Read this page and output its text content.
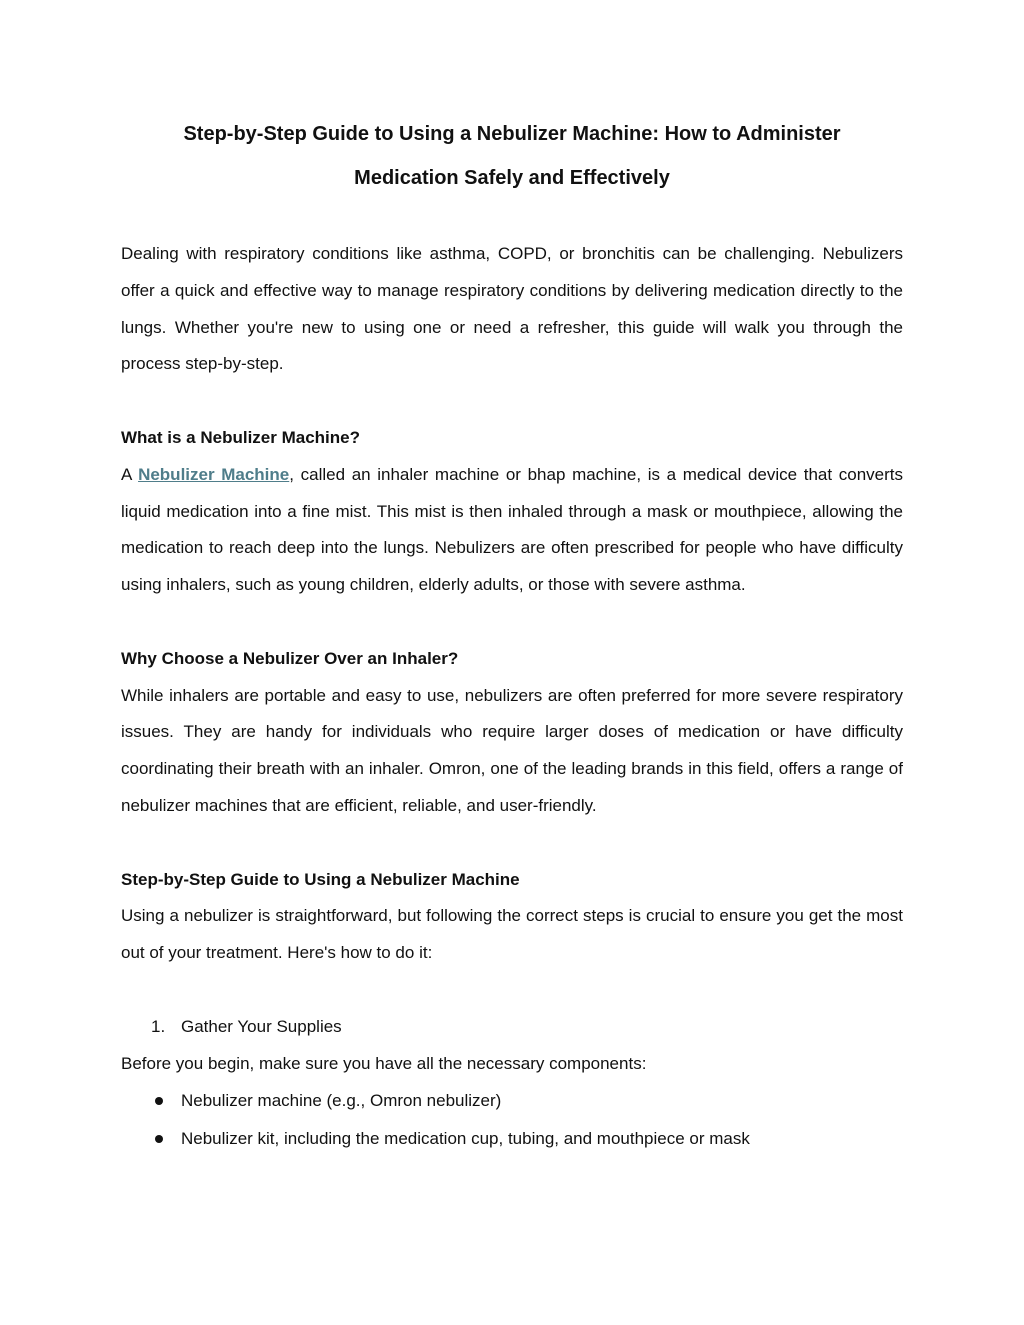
Step-by-Step Guide to Using a Nebulizer Machine: How to Administer
Medication Safely and Effectively

Dealing with respiratory conditions like asthma, COPD, or bronchitis can be challenging. Nebulizers offer a quick and effective way to manage respiratory conditions by delivering medication directly to the lungs. Whether you're new to using one or need a refresher, this guide will walk you through the process step-by-step.

What is a Nebulizer Machine?

A Nebulizer Machine, called an inhaler machine or bhap machine, is a medical device that converts liquid medication into a fine mist. This mist is then inhaled through a mask or mouthpiece, allowing the medication to reach deep into the lungs. Nebulizers are often prescribed for people who have difficulty using inhalers, such as young children, elderly adults, or those with severe asthma.

Why Choose a Nebulizer Over an Inhaler?

While inhalers are portable and easy to use, nebulizers are often preferred for more severe respiratory issues. They are handy for individuals who require larger doses of medication or have difficulty coordinating their breath with an inhaler. Omron, one of the leading brands in this field, offers a range of nebulizer machines that are efficient, reliable, and user-friendly.

Step-by-Step Guide to Using a Nebulizer Machine

Using a nebulizer is straightforward, but following the correct steps is crucial to ensure you get the most out of your treatment. Here's how to do it:

1. Gather Your Supplies

Before you begin, make sure you have all the necessary components:

Nebulizer machine (e.g., Omron nebulizer)
Nebulizer kit, including the medication cup, tubing, and mouthpiece or mask
